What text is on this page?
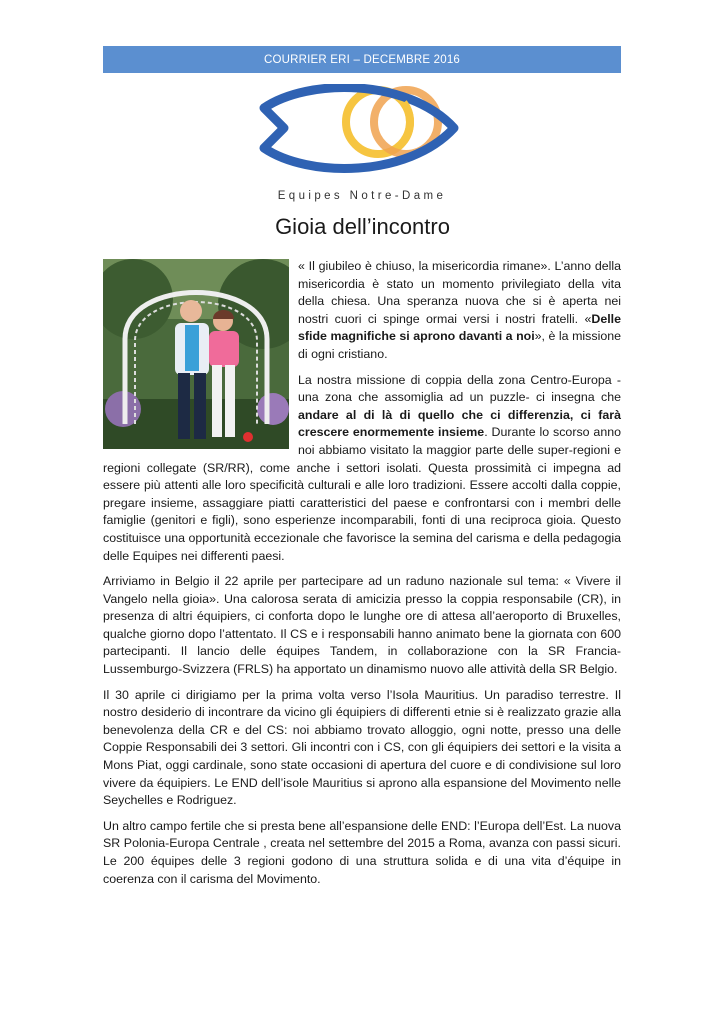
COURRIER ERI – DECEMBRE 2016
Equipes Notre-Dame
Gioia dell’incontro

« Il giubileo è chiuso, la misericordia rimane». L’anno della misericordia è stato un momento privilegiato della vita della chiesa. Una speranza nuova che si è aperta nei nostri cuori ci spinge ormai versi i nostri fratelli. «Delle sfide magnifiche si aprono davanti a noi», è la missione di ogni cristiano.

La nostra missione di coppia della zona Centro-Europa - una zona che assomiglia ad un puzzle- ci insegna che andare al di là di quello che ci differenzia, ci farà crescere enormemente insieme. Durante lo scorso anno noi abbiamo visitato la maggior parte delle super-regioni e regioni collegate (SR/RR), come anche i settori isolati. Questa prossimità ci impegna ad essere più attenti alle loro specificità culturali e alle loro tradizioni. Essere accolti dalla coppie, pregare insieme, assaggiare piatti caratteristici del paese e confrontarsi con i membri delle famiglie (genitori e figli), sono esperienze incomparabili, fonti di una reciproca gioia. Questo costituisce una opportunità eccezionale che favorisce la semina del carisma e della pedagogia delle Equipes nei differenti paesi.

Arriviamo in Belgio il 22 aprile per partecipare ad un raduno nazionale sul tema: « Vivere il Vangelo nella gioia». Una calorosa serata di amicizia presso la coppia responsabile (CR), in presenza di altri équipiers, ci conforta dopo le lunghe ore di attesa all’aeroporto di Bruxelles, qualche giorno dopo l’attentato. Il CS e i responsabili hanno animato bene la giornata con 600 partecipanti. Il lancio delle équipes Tandem, in collaborazione con la SR Francia-Lussemburgo-Svizzera (FRLS) ha apportato un dinamismo nuovo alle attività della SR Belgio.

Il 30 aprile ci dirigiamo per la prima volta verso l’Isola Mauritius. Un paradiso terrestre. Il nostro desiderio di incontrare da vicino gli équipiers di differenti etnie si è realizzato grazie alla benevolenza della CR e del CS: noi abbiamo trovato alloggio, ogni notte, presso una delle Coppie Responsabili dei 3 settori. Gli incontri con i CS, con gli équipiers dei settori e la visita a Mons Piat, oggi cardinale, sono state occasioni di apertura del cuore e di condivisione sul loro vivere da équipiers. Le END dell’isole Mauritius si aprono alla espansione del Movimento nelle Seychelles e Rodriguez.

Un altro campo fertile che si presta bene all’espansione delle END: l’Europa dell’Est. La nuova SR Polonia-Europa Centrale , creata nel settembre del 2015 a Roma, avanza con passi sicuri. Le 200 équipes delle 3 regioni godono di una struttura solida e di una vita d’équipe in coerenza con il carisma del Movimento.
